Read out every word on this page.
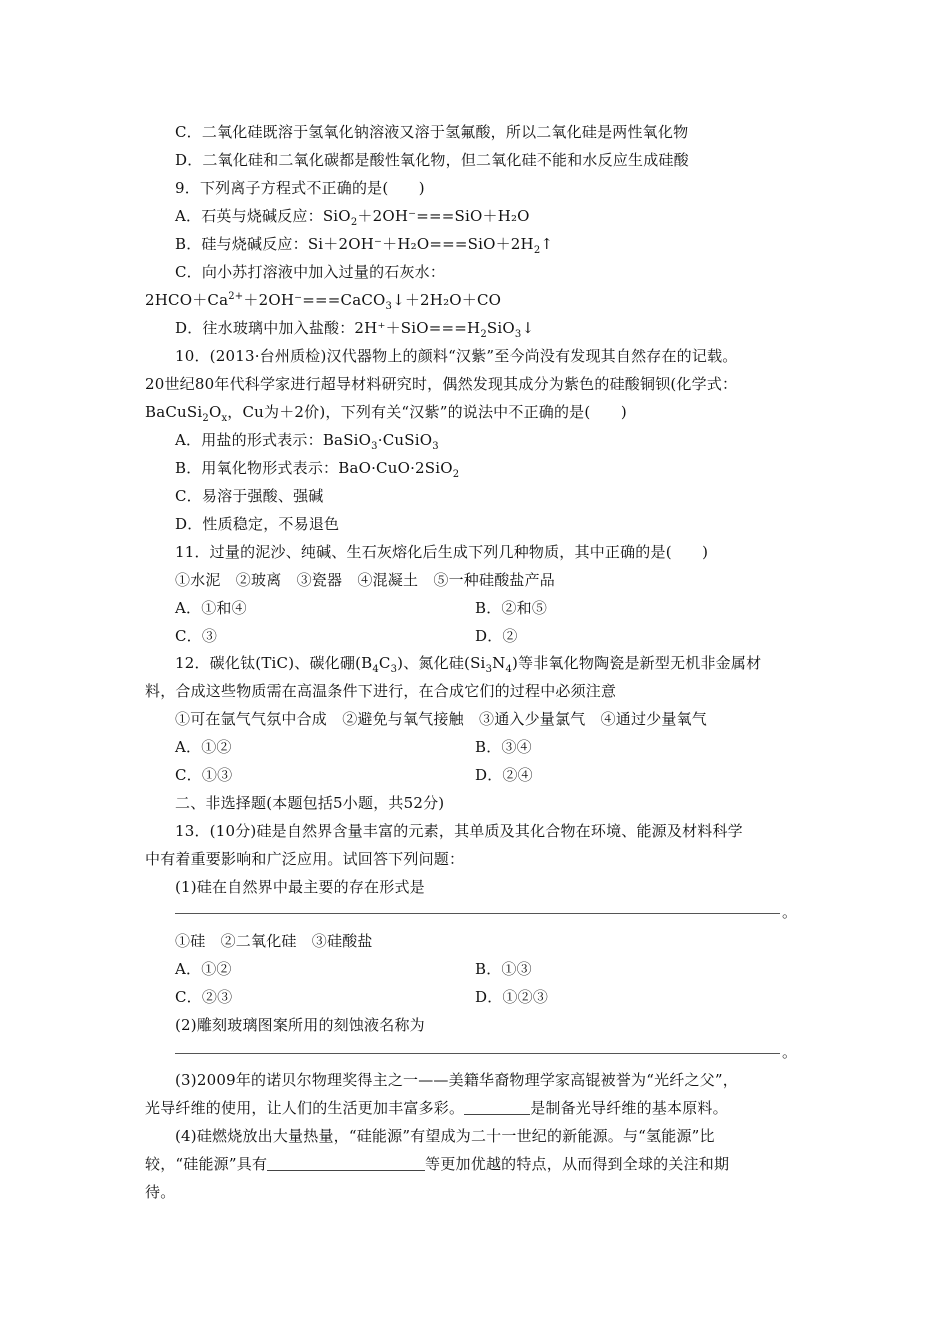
C．二氧化硅既溶于氢氧化钠溶液又溶于氢氟酸，所以二氧化硅是两性氧化物
D．二氧化硅和二氧化碳都是酸性氧化物，但二氧化硅不能和水反应生成硅酸
9．下列离子方程式不正确的是(　　)
A．石英与烧碱反应：SiO$_2$＋2OH⁻===SiO＋H₂O
B．硅与烧碱反应：$Si+2OH^-+H_2O===SiO+2H_2↑$
C．向小苏打溶液中加入过量的石灰水：
$2HCO+Ca^{2+}+2OH^-===CaCO_3↓+2H_2O+CO$
D．往水玻璃中加入盐酸：$2H^++SiO===H_2SiO_3↓$
10．(2013·台州质检)汉代器物上的颜料“汉紫”至今尚没有发现其自然存在的记载。
20世纪80年代科学家进行超导材料研究时，偶然发现其成分为紫色的硅酸铜钡(化学式：
$BaCuSi_2O_x$，Cu为＋2价)，下列有关“汉紫”的说法中不正确的是(　　)
A．用盐的形式表示：BaSiO$_3$·CuSiO$_3$
B．用氧化物形式表示：BaO·CuO·2SiO$_2$
C．易溶于强酸、强碱
D．性质稳定，不易退色
11．过量的泥沙、纯碱、生石灰熔化后生成下列几种物质，其中正确的是(　　)
①水泥　②玻离　③瓷器　④混凝土　⑤一种硅酸盐产品
A．①和④	B．②和⑤
C．③	D．②
12．碳化钛(TiC)、碳化硼$(B_4C_3)$、氮化硅$(Si_3N_4)$等非氧化物陶瓷是新型无机非金属材
料，合成这些物质需在高温条件下进行，在合成它们的过程中必须注意
①可在氩气气氛中合成　②避免与氧气接触　③通入少量氯气　④通过少量氧气
A．①②	B．③④
C．①③	D．②④
二、非选择题(本题包括5小题，共52分)
13．(10分)硅是自然界含量丰富的元素，其单质及其化合物在环境、能源及材料科学
中有着重要影响和广泛应用。试回答下列问题：
(1)硅在自然界中最主要的存在形式是
。
①硅　②二氧化硅　③硅酸盐
A．①②	B．①③
C．②③	D．①②③
(2)雕刻玻璃图案所用的刻蚀液名称为
。
(3)2009年的诺贝尔物理奖得主之一——美籍华裔物理学家高锟被誉为“光纤之父”，
光导纤维的使用，让人们的生活更加丰富多彩。	是制备光导纤维的基本原料。
(4)硅燃烧放出大量热量，“硅能源”有望成为二十一世纪的新能源。与“氢能源”比
较，“硅能源”具有	等更加优越的特点，从而得到全球的关注和期
待。
